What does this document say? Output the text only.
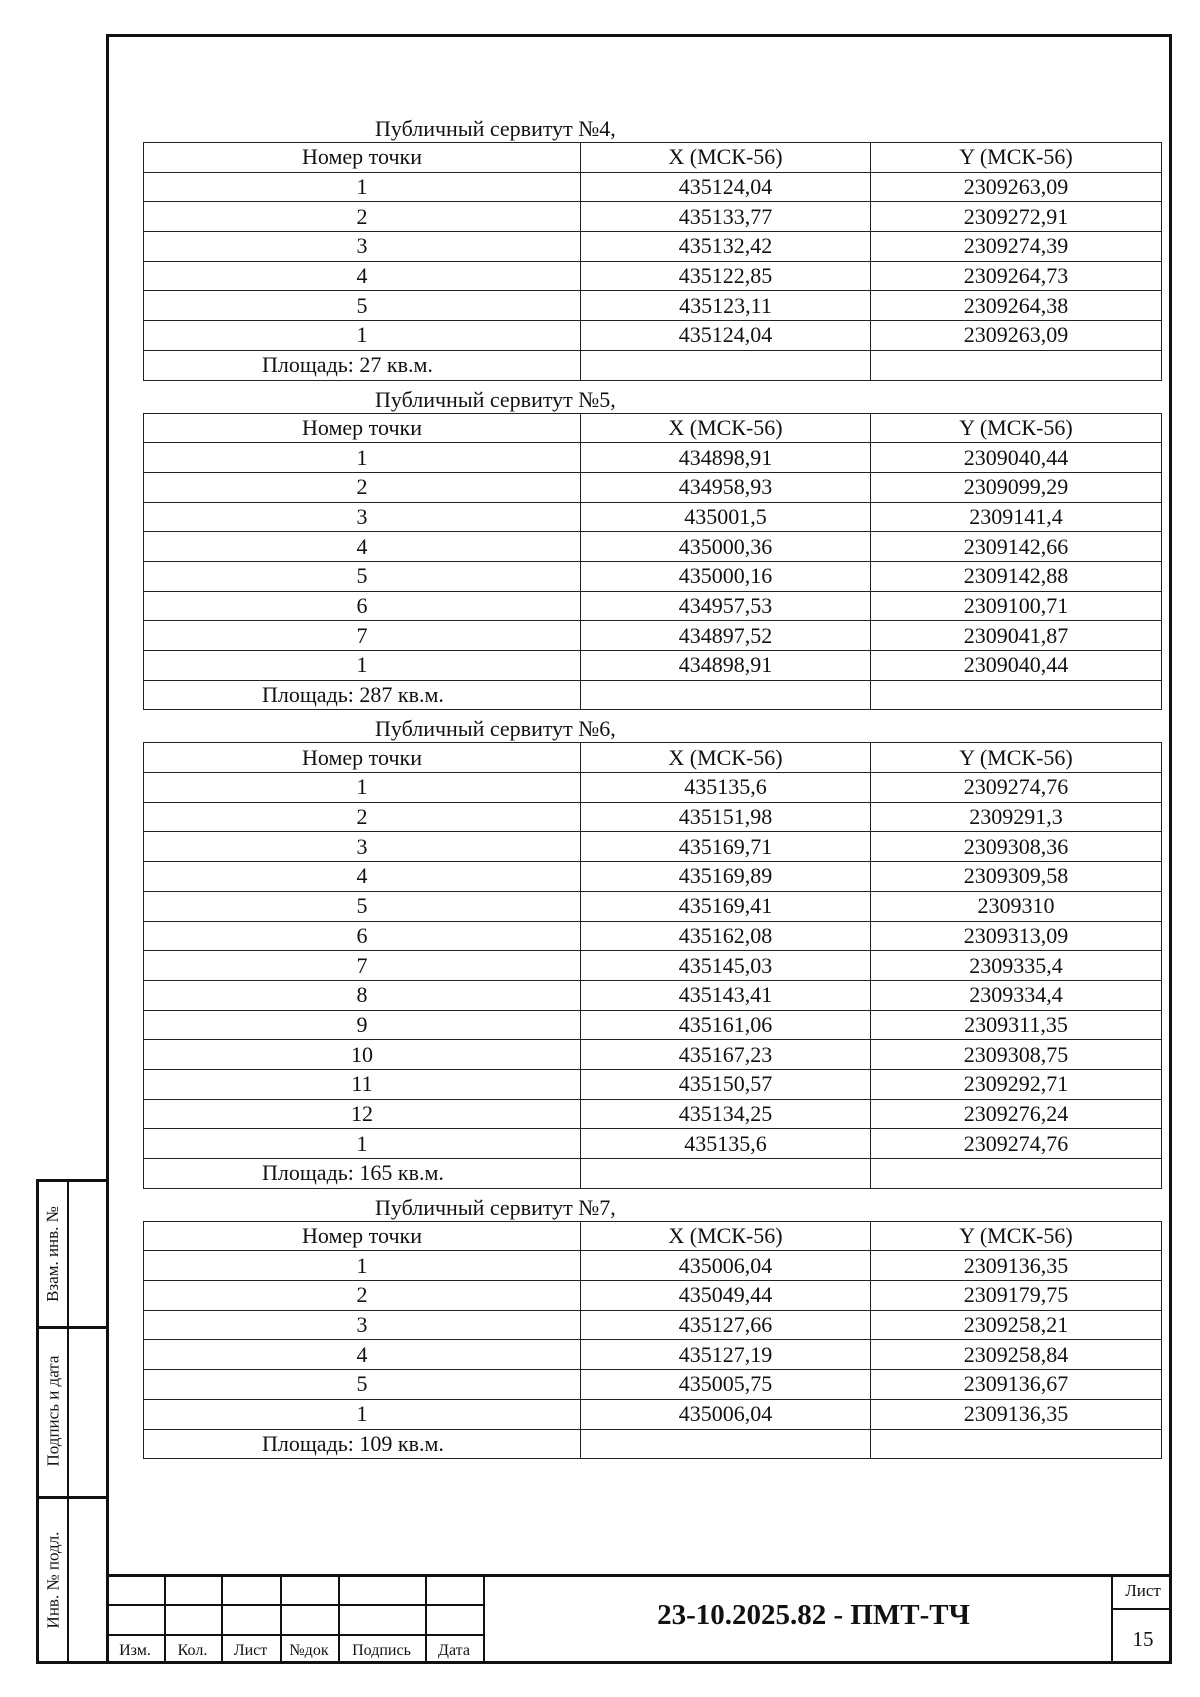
Публичный сервитут №4,
Номер точки	X (МСК-56)	Y (МСК-56)
1	435124,04	2309263,09
2	435133,77	2309272,91
3	435132,42	2309274,39
4	435122,85	2309264,73
5	435123,11	2309264,38
1	435124,04	2309263,09
Площадь: 27 кв.м.		
Публичный сервитут №5,
Номер точки	X (МСК-56)	Y (МСК-56)
1	434898,91	2309040,44
2	434958,93	2309099,29
3	435001,5	2309141,4
4	435000,36	2309142,66
5	435000,16	2309142,88
6	434957,53	2309100,71
7	434897,52	2309041,87
1	434898,91	2309040,44
Площадь: 287 кв.м.		
Публичный сервитут №6,
Номер точки	X (МСК-56)	Y (МСК-56)
1	435135,6	2309274,76
2	435151,98	2309291,3
3	435169,71	2309308,36
4	435169,89	2309309,58
5	435169,41	2309310
6	435162,08	2309313,09
7	435145,03	2309335,4
8	435143,41	2309334,4
9	435161,06	2309311,35
10	435167,23	2309308,75
11	435150,57	2309292,71
12	435134,25	2309276,24
1	435135,6	2309274,76
Площадь: 165 кв.м.		
Публичный сервитут №7,
Номер точки	X (МСК-56)	Y (МСК-56)
1	435006,04	2309136,35
2	435049,44	2309179,75
3	435127,66	2309258,21
4	435127,19	2309258,84
5	435005,75	2309136,67
1	435006,04	2309136,35
Площадь: 109 кв.м.		
Взам. инв. №
Подпись и дата
Инв. № подл.
Изм.	Кол.	Лист	№док	Подпись	Дата
23-10.2025.82 - ПМТ-ТЧ
Лист
15
